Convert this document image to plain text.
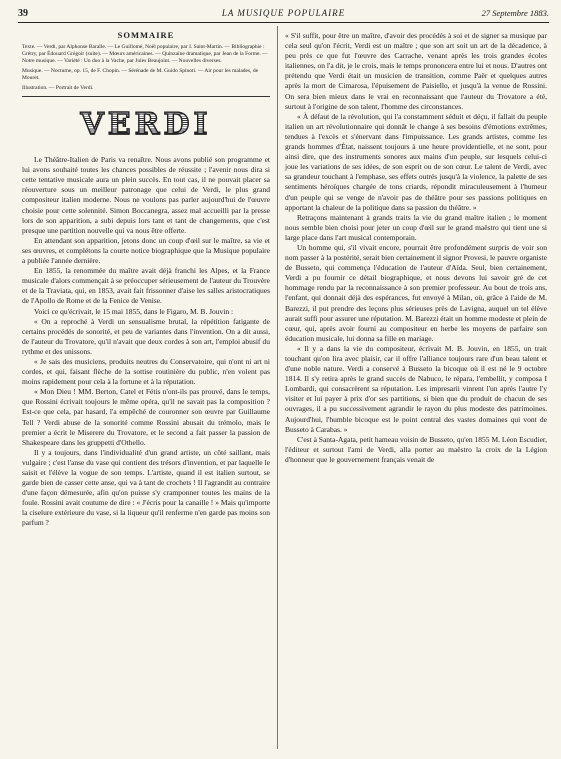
39	LA MUSIQUE POPULAIRE	27 Septembre 1883.
SOMMAIRE
Texte. — Verdi, par Alphonse Baralle. — Le Guillomé, Noël populaire, par I. Saint-Martin. — Bibliographie : Grétry, par Édouard Grégoir (suite). — Mœurs américaines. — Quinzaine dramatique, par Jean de la Forme. — Notre musique. — Variété : Un duo à la Vache, par Jules Beaujoint. — Nouvelles diverses.
Musique. — Nocturne, op. 15, de F. Chopin. — Sérénade de M. Guido Spinoti. — Air pour les malades, de Mouret.
Illustration. — Portrait de Verdi.
VERDI

Le Théâtre-Italien de Paris va renaître. Nous avons publié son programme et lui avons souhaité toutes les chances possibles de réussite ; l'avenir nous dira si cette tentative musicale aura un plein succès. En tout cas, il ne pouvait placer sa réouverture sous un meilleur patronage que celui de Verdi, le plus grand compositeur italien moderne. Nous ne voulons pas parler aujourd'hui de l'œuvre choisie pour cette solennité. Simon Boccanegra, assez mal accueilli par la presse lors de son apparition, a subi depuis lors tant et tant de changements, que c'est presque une partition nouvelle qui va nous être offerte.

En attendant son apparition, jetons donc un coup d'œil sur le maître, sa vie et ses œuvres, et complétons la courte notice biographique que la Musique populaire a publiée l'année dernière.

En 1855, la renommée du maître avait déjà franchi les Alpes, et la France musicale d'alors commençait à se préoccuper sérieusement de l'auteur du Trouvère et de la Traviata, qui, en 1853, avait fait frissonner d'aise les salles aristocratiques de l'Apollo de Rome et de la Fenice de Venise.

Voici ce qu'écrivait, le 15 mai 1855, dans le Figaro, M. B. Jouvin :

« On a reproché à Verdi un sensualisme brutal, la répétition fatigante de certains procédés de sonorité, et peu de variantes dans l'invention. On a dit aussi, de l'auteur du Trovatore, qu'il n'avait que deux cordes à son art, l'emploi abusif du rythme et des unissons.

« Je sais des musiciens, produits neutres du Conservatoire, qui n'ont ni art ni cordes, et qui, faisant flèche de la sottise routinière du public, n'en volent pas moins rapidement pour cela à la fortune et à la réputation.

« Mon Dieu ! MM. Berton, Catel et Fétis n'ont-ils pas prouvé, dans le temps, que Rossini écrivait toujours le même opéra, qu'il ne savait pas la composition ? Est-ce que cela, par hasard, l'a empêché de couronner son œuvre par Guillaume Tell ? Verdi abuse de la sonorité comme Rossini abusait du trémolo, mais le premier a écrit le Miserere du Trovatore, et le second a fait passer la passion de Shakespeare dans les gruppetti d'Othello.

Il y a toujours, dans l'individualité d'un grand artiste, un côté saillant, mais vulgaire ; c'est l'anse du vase qui contient des trésors d'invention, et par laquelle le saisit et l'élève la vogue de son temps. L'artiste, quand il est italien surtout, se garde bien de casser cette anse, qui va à tant de crochets ! Il l'agrandit au contraire d'une façon démesurée, afin qu'on puisse s'y cramponner toutes les mains de la foule. Rossini avait coutume de dire : « J'écris pour la canaille ! » Mais qu'importe la ciselure extérieure du vase, si la liqueur qu'il renferme n'en garde pas moins son parfum ?

« S'il suffit, pour être un maître, d'avoir des procédés à soi et de signer sa musique par cela seul qu'on l'écrit, Verdi est un maître ; que son art soit un art de la décadence, à peu près ce que fut l'œuvre des Carrache, venant après les trois grandes écoles italiennes, on l'a dit, je le crois, mais le temps prononcera entre lui et nous. D'autres ont prétendu que Verdi était un musicien de transition, comme Paër et quelques autres après la mort de Cimarosa, l'épuisement de Paisiello, et jusqu'à la venue de Rossini. On sera bien mieux dans le vrai en reconnaissant que l'auteur du Trovatore a été, surtout à l'origine de son talent, l'homme des circonstances.

« À défaut de la révolution, qui l'a constamment séduit et déçu, il fallait du peuple italien un art révolutionnaire qui donnât le change à ses besoins d'émotions extrêmes, tendues à l'excès et s'énervant dans l'impuissance. Les grands artistes, comme les grands hommes d'État, naissent toujours à une heure providentielle, et ne sont, pour ainsi dire, que des instruments sonores aux mains d'un peuple, sur lesquels celui-ci joue les variations de ses idées, de son esprit ou de son cœur. Le talent de Verdi, avec sa grandeur touchant à l'emphase, ses effets outrés jusqu'à la violence, la palette de ses sentiments héroïques chargée de tons criards, répondit miraculeusement à l'humeur d'un peuple qui se venge de n'avoir pas de théâtre pour ses passions politiques en apportant la chaleur de la politique dans sa passion du théâtre. »

Retraçons maintenant à grands traits la vie du grand maître italien ; le moment nous semble bien choisi pour jeter un coup d'œil sur le grand maëstro qui tient une si large place dans l'art musical contemporain.

Un homme qui, s'il vivait encore, pourrait être profondément surpris de voir son nom passer à la postérité, serait bien certainement il signor Provesi, le pauvre organiste de Busseto, qui commença l'éducation de l'auteur d'Aïda. Seul, bien certainement, Verdi a pu fournir ce détail biographique, et nous devons lui savoir gré de cet hommage rendu par la reconnaissance à son premier professeur. Au bout de trois ans, l'enfant, qui donnait déjà des espérances, fut envoyé à Milan, où, grâce à l'aide de M. Barezzi, il put prendre des leçons plus sérieuses près de Lavigna, auquel un tel élève aurait suffi pour assurer une réputation. M. Barezzi était un homme modeste et plein de cœur, qui, après avoir fourni au compositeur en herbe les moyens de parfaire son éducation musicale, lui donna sa fille en mariage.

« Il y a dans la vie du compositeur, écrivait M. B. Jouvin, en 1855, un trait touchant qu'on lira avec plaisir, car il offre l'alliance toujours rare d'un beau talent et d'une noble nature. Verdi a conservé à Busseto la bicoque où il est né le 9 octobre 1814. Il s'y retira après le grand succès de Nabuco, le répara, l'embellit, y composa I Lombardi, qui consacrèrent sa réputation. Les impresarii vinrent l'un après l'autre l'y visiter et lui payer à prix d'or ses partitions, si bien que du produit de chacun de ses ouvrages, il a pu successivement agrandir le rayon du plus modeste des patrimoines. Aujourd'hui, l'humble bicoque est le point central des vastes domaines qui vont de Busseto à Carabas. »

C'est à Santa-Agata, petit hameau voisin de Busseto, qu'en 1855 M. Léon Escudier, l'éditeur et surtout l'ami de Verdi, alla porter au maëstro la croix de la Légion d'honneur que le gouvernement français venait de
